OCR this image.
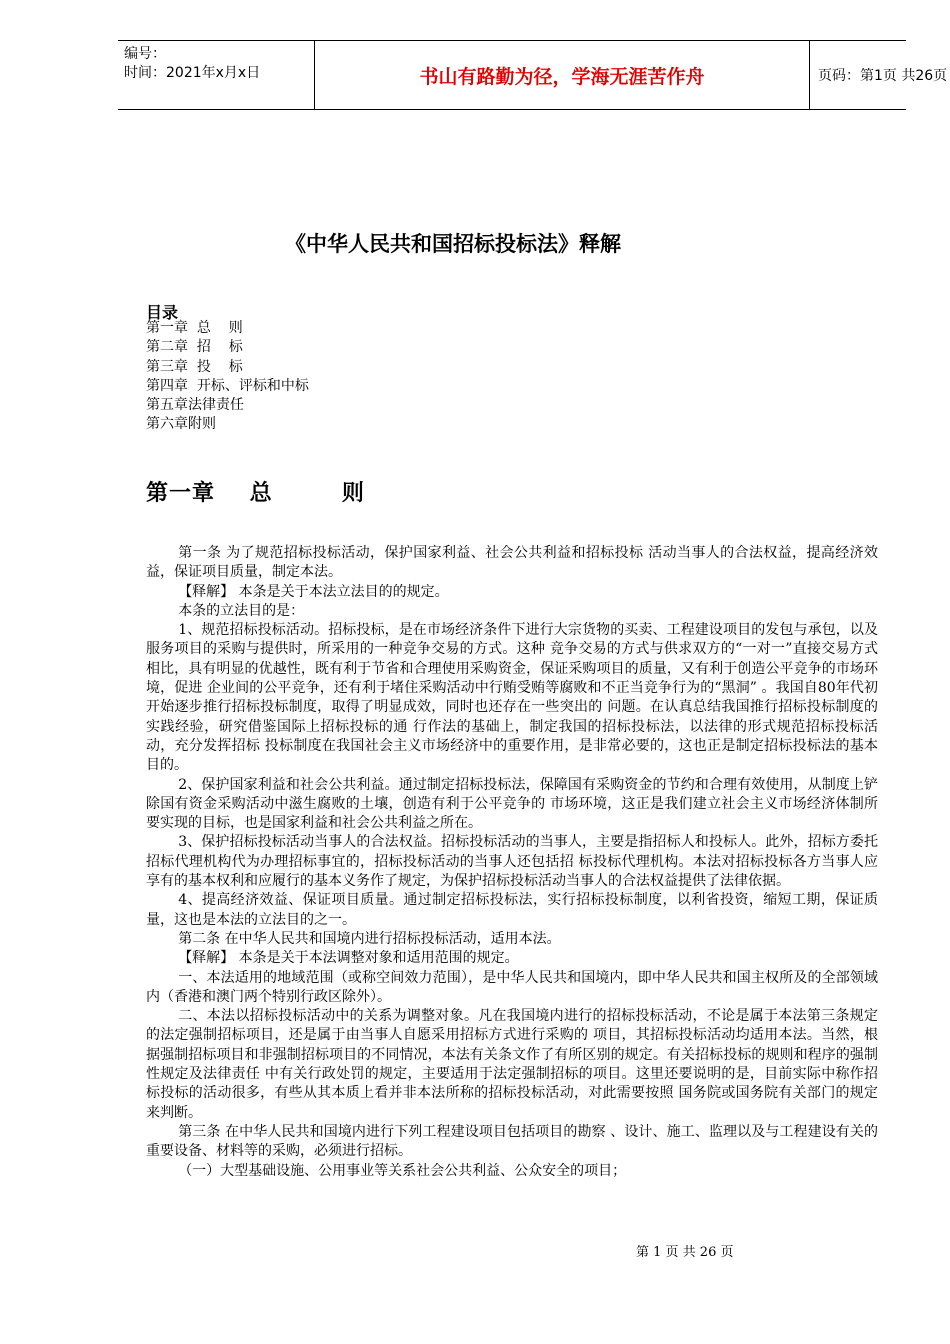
编号：
时间：2021年x月x日	书山有路勤为径，学海无涯苦作舟	页码：第1页 共26页
《中华人民共和国招标投标法》释解
目录
第一章  总    则
第二章  招    标
第三章  投    标
第四章  开标、评标和中标
第五章法律责任
第六章附则
第一章    总        则

第一条 为了规范招标投标活动，保护国家利益、社会公共利益和招标投标 活动当事人的合法权益，提高经济效益，保证项目质量，制定本法。

【释解】 本条是关于本法立法目的的规定。

本条的立法目的是：

1、规范招标投标活动。招标投标，是在市场经济条件下进行大宗货物的买卖、工程建设项目的发包与承包，以及服务项目的采购与提供时，所采用的一种竞争交易的方式。这种 竞争交易的方式与供求双方的“一对一”直接交易方式相比，具有明显的优越性，既有利于节省和合理使用采购资金，保证采购项目的质量，又有利于创造公平竞争的市场环境，促进 企业间的公平竞争，还有利于堵住采购活动中行贿受贿等腐败和不正当竞争行为的“黑洞” 。我国自80年代初开始逐步推行招标投标制度，取得了明显成效，同时也还存在一些突出的 问题。在认真总结我国推行招标投标制度的实践经验，研究借鉴国际上招标投标的通 行作法的基础上，制定我国的招标投标法，以法律的形式规范招标投标活动，充分发挥招标 投标制度在我国社会主义市场经济中的重要作用，是非常必要的，这也正是制定招标投标法的基本目的。

2、保护国家利益和社会公共利益。通过制定招标投标法，保障国有采购资金的节约和合理有效使用，从制度上铲除国有资金采购活动中滋生腐败的土壤，创造有利于公平竞争的 市场环境，这正是我们建立社会主义市场经济体制所要实现的目标，也是国家利益和社会公共利益之所在。

3、保护招标投标活动当事人的合法权益。招标投标活动的当事人，主要是指招标人和投标人。此外，招标方委托招标代理机构代为办理招标事宜的，招标投标活动的当事人还包括招 标投标代理机构。本法对招标投标各方当事人应享有的基本权利和应履行的基本义务作了规定，为保护招标投标活动当事人的合法权益提供了法律依据。

4、提高经济效益、保证项目质量。通过制定招标投标法，实行招标投标制度，以利省投资，缩短工期，保证质量，这也是本法的立法目的之一。

第二条 在中华人民共和国境内进行招标投标活动，适用本法。

【释解】 本条是关于本法调整对象和适用范围的规定。

一、本法适用的地域范围（或称空间效力范围），是中华人民共和国境内，即中华人民共和国主权所及的全部领域内（香港和澳门两个特别行政区除外）。

二、本法以招标投标活动中的关系为调整对象。凡在我国境内进行的招标投标活动，不论是属于本法第三条规定的法定强制招标项目，还是属于由当事人自愿采用招标方式进行采购的 项目，其招标投标活动均适用本法。当然，根据强制招标项目和非强制招标项目的不同情况，本法有关条文作了有所区别的规定。有关招标投标的规则和程序的强制性规定及法律责任 中有关行政处罚的规定，主要适用于法定强制招标的项目。这里还要说明的是，目前实际中称作招标投标的活动很多，有些从其本质上看并非本法所称的招标投标活动，对此需要按照 国务院或国务院有关部门的规定来判断。

第三条 在中华人民共和国境内进行下列工程建设项目包括项目的勘察 、设计、施工、监理以及与工程建设有关的重要设备、材料等的采购，必须进行招标。

（一）大型基础设施、公用事业等关系社会公共利益、公众安全的项目；

第 1 页 共 26 页
